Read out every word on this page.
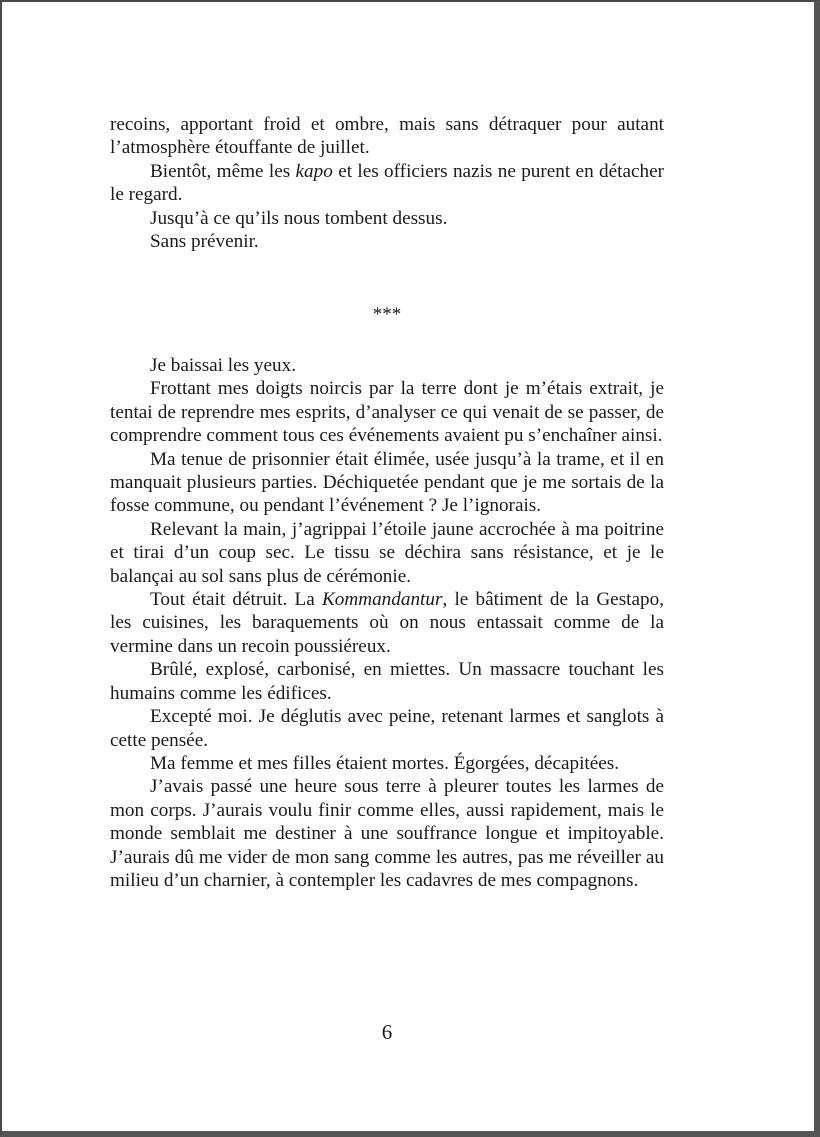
recoins, apportant froid et ombre, mais sans détraquer pour autant l’atmosphère étouffante de juillet.

Bientôt, même les kapo et les officiers nazis ne purent en détacher le regard.

Jusqu’à ce qu’ils nous tombent dessus.

Sans prévenir.

***

Je baissai les yeux.

Frottant mes doigts noircis par la terre dont je m’étais extrait, je tentai de reprendre mes esprits, d’analyser ce qui venait de se passer, de comprendre comment tous ces événements avaient pu s’enchaîner ainsi.

Ma tenue de prisonnier était élimée, usée jusqu’à la trame, et il en manquait plusieurs parties. Déchiquetée pendant que je me sortais de la fosse commune, ou pendant l’événement ? Je l’ignorais.

Relevant la main, j’agrippai l’étoile jaune accrochée à ma poitrine et tirai d’un coup sec. Le tissu se déchira sans résistance, et je le balançai au sol sans plus de cérémonie.

Tout était détruit. La Kommandantur, le bâtiment de la Gestapo, les cuisines, les baraquements où on nous entassait comme de la vermine dans un recoin poussiéreux.

Brûlé, explosé, carbonisé, en miettes. Un massacre touchant les humains comme les édifices.

Excepté moi. Je déglutis avec peine, retenant larmes et sanglots à cette pensée.

Ma femme et mes filles étaient mortes. Égorgées, décapitées.

J’avais passé une heure sous terre à pleurer toutes les larmes de mon corps. J’aurais voulu finir comme elles, aussi rapidement, mais le monde semblait me destiner à une souffrance longue et impitoyable. J’aurais dû me vider de mon sang comme les autres, pas me réveiller au milieu d’un charnier, à contempler les cadavres de mes compagnons.

6
